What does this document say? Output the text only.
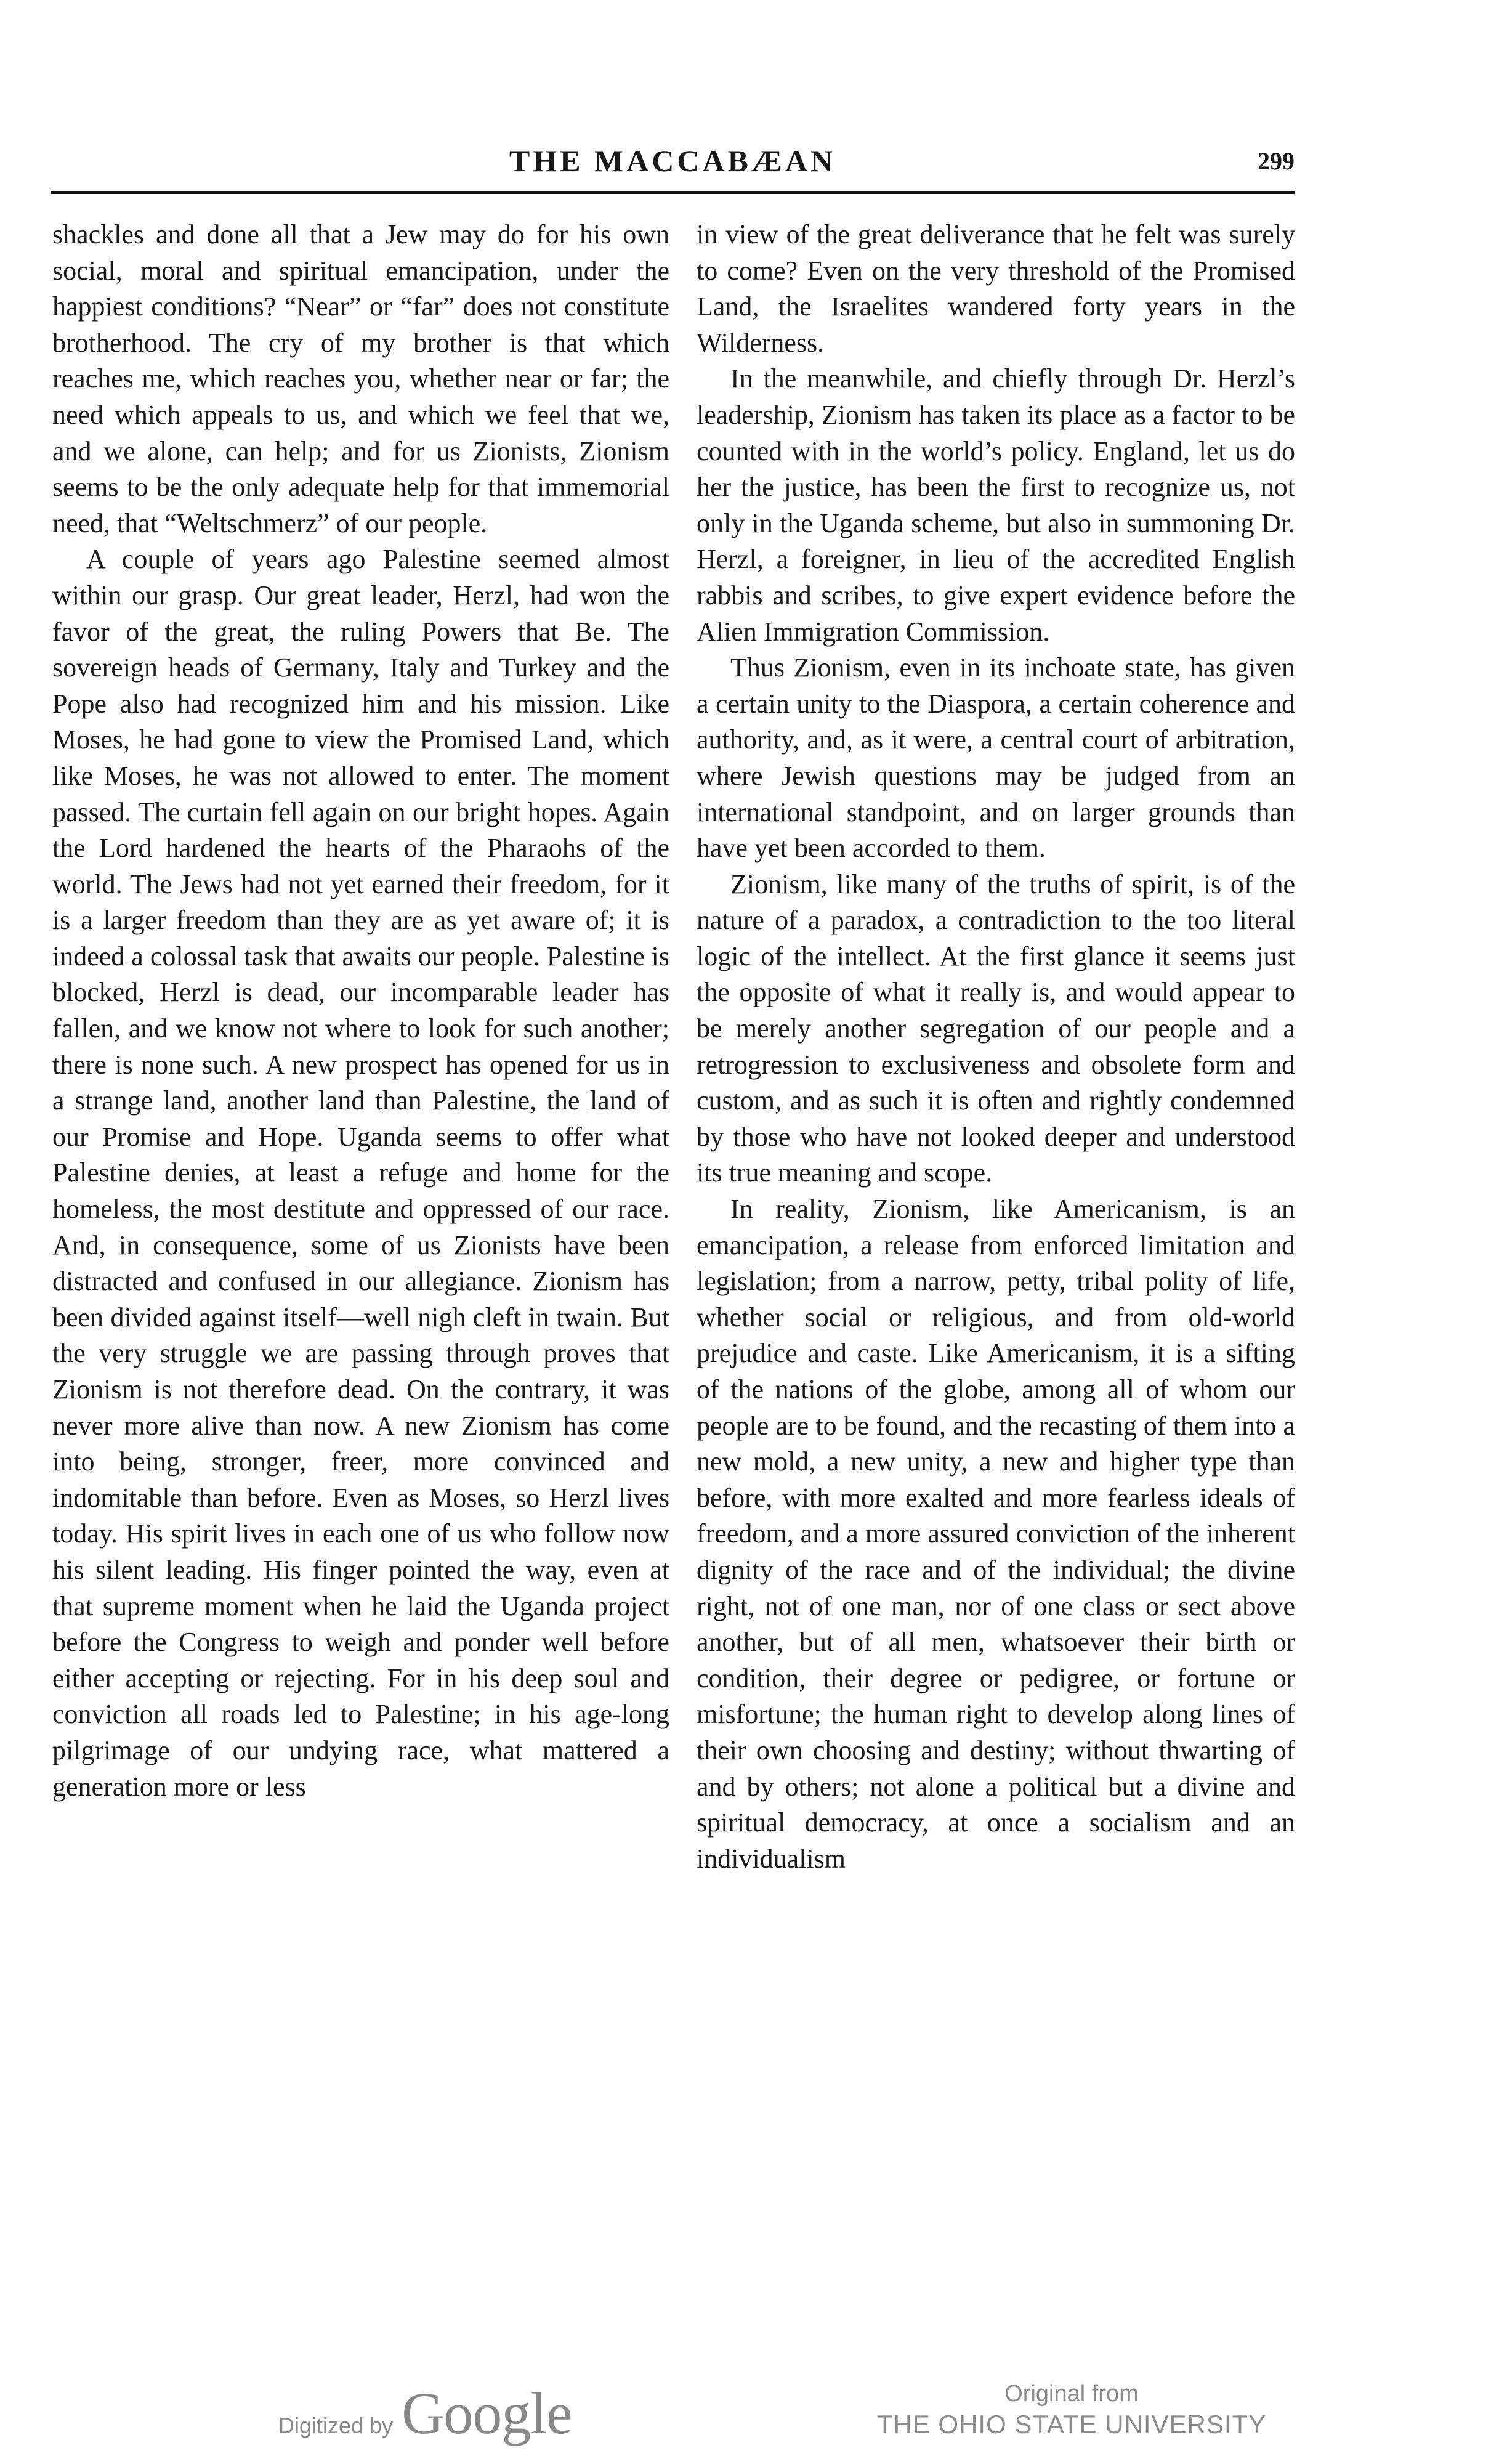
THE MACCABÆAN	299

shackles and done all that a Jew may do for his own social, moral and spiritual emancipation, under the happiest conditions? “Near” or “far” does not constitute brotherhood. The cry of my brother is that which reaches me, which reaches you, whether near or far; the need which appeals to us, and which we feel that we, and we alone, can help; and for us Zionists, Zionism seems to be the only adequate help for that immemorial need, that “Weltschmerz” of our people.

A couple of years ago Palestine seemed almost within our grasp. Our great leader, Herzl, had won the favor of the great, the ruling Powers that Be. The sovereign heads of Germany, Italy and Turkey and the Pope also had recognized him and his mission. Like Moses, he had gone to view the Promised Land, which like Moses, he was not allowed to enter. The moment passed. The curtain fell again on our bright hopes. Again the Lord hardened the hearts of the Pharaohs of the world. The Jews had not yet earned their freedom, for it is a larger freedom than they are as yet aware of; it is indeed a colossal task that awaits our people. Palestine is blocked, Herzl is dead, our incomparable leader has fallen, and we know not where to look for such another; there is none such. A new prospect has opened for us in a strange land, another land than Palestine, the land of our Promise and Hope. Uganda seems to offer what Palestine denies, at least a refuge and home for the homeless, the most destitute and oppressed of our race. And, in consequence, some of us Zionists have been distracted and confused in our allegiance. Zionism has been divided against itself—well nigh cleft in twain. But the very struggle we are passing through proves that Zionism is not therefore dead. On the contrary, it was never more alive than now. A new Zionism has come into being, stronger, freer, more convinced and indomitable than before. Even as Moses, so Herzl lives today. His spirit lives in each one of us who follow now his silent leading. His finger pointed the way, even at that supreme moment when he laid the Uganda project before the Congress to weigh and ponder well before either accepting or rejecting. For in his deep soul and conviction all roads led to Palestine; in his age-long pilgrimage of our undying race, what mattered a generation more or less

in view of the great deliverance that he felt was surely to come? Even on the very threshold of the Promised Land, the Israelites wandered forty years in the Wilderness.

In the meanwhile, and chiefly through Dr. Herzl’s leadership, Zionism has taken its place as a factor to be counted with in the world’s policy. England, let us do her the justice, has been the first to recognize us, not only in the Uganda scheme, but also in summoning Dr. Herzl, a foreigner, in lieu of the accredited English rabbis and scribes, to give expert evidence before the Alien Immigration Commission.

Thus Zionism, even in its inchoate state, has given a certain unity to the Diaspora, a certain coherence and authority, and, as it were, a central court of arbitration, where Jewish questions may be judged from an international standpoint, and on larger grounds than have yet been accorded to them.

Zionism, like many of the truths of spirit, is of the nature of a paradox, a contradiction to the too literal logic of the intellect. At the first glance it seems just the opposite of what it really is, and would appear to be merely another segregation of our people and a retrogression to exclusiveness and obsolete form and custom, and as such it is often and rightly condemned by those who have not looked deeper and understood its true meaning and scope.

In reality, Zionism, like Americanism, is an emancipation, a release from enforced limitation and legislation; from a narrow, petty, tribal polity of life, whether social or religious, and from old-world prejudice and caste. Like Americanism, it is a sifting of the nations of the globe, among all of whom our people are to be found, and the recasting of them into a new mold, a new unity, a new and higher type than before, with more exalted and more fearless ideals of freedom, and a more assured conviction of the inherent dignity of the race and of the individual; the divine right, not of one man, nor of one class or sect above another, but of all men, whatsoever their birth or condition, their degree or pedigree, or fortune or misfortune; the human right to develop along lines of their own choosing and destiny; without thwarting of and by others; not alone a political but a divine and spiritual democracy, at once a socialism and an individualism

Digitized by Google	Original from
THE OHIO STATE UNIVERSITY
